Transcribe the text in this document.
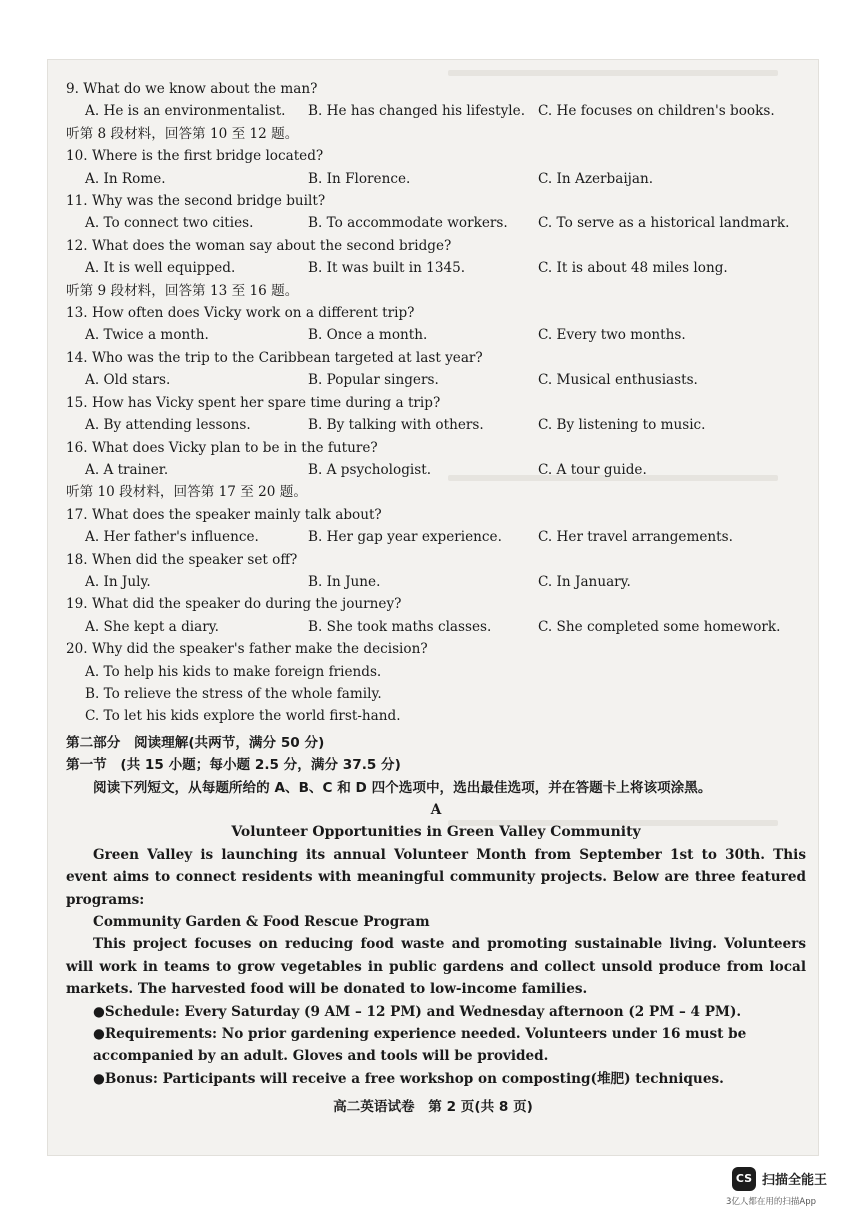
9. What do we know about the man?

A. He is an environmentalist.	B. He has changed his lifestyle. C. He focuses on children's books.

听第 8 段材料，回答第 10 至 12 题。

10. Where is the first bridge located?

A. In Rome.	B. In Florence.	C. In Azerbaijan.

11. Why was the second bridge built?

A. To connect two cities.	B. To accommodate workers.	C. To serve as a historical landmark.

12. What does the woman say about the second bridge?

A. It is well equipped.	B. It was built in 1345.	C. It is about 48 miles long.

听第 9 段材料，回答第 13 至 16 题。

13. How often does Vicky work on a different trip?

A. Twice a month.	B. Once a month.	C. Every two months.

14. Who was the trip to the Caribbean targeted at last year?

A. Old stars.	B. Popular singers.	C. Musical enthusiasts.

15. How has Vicky spent her spare time during a trip?

A. By attending lessons.	B. By talking with others.	C. By listening to music.

16. What does Vicky plan to be in the future?

A. A trainer.	B. A psychologist.	C. A tour guide.

听第 10 段材料，回答第 17 至 20 题。

17. What does the speaker mainly talk about?

A. Her father's influence.	B. Her gap year experience.	C. Her travel arrangements.

18. When did the speaker set off?

A. In July.	B. In June.	C. In January.

19. What did the speaker do during the journey?

A. She kept a diary.	B. She took maths classes.	C. She completed some homework.

20. Why did the speaker's father make the decision?

A. To help his kids to make foreign friends.

B. To relieve the stress of the whole family.

C. To let his kids explore the world first-hand.

第二部分　阅读理解(共两节，满分 50 分)
第一节　(共 15 小题；每小题 2.5 分，满分 37.5 分)
阅读下列短文，从每题所给的 A、B、C 和 D 四个选项中，选出最佳选项，并在答题卡上将该项涂黑。
A
Volunteer Opportunities in Green Valley Community

Green Valley is launching its annual Volunteer Month from September 1st to 30th. This event aims to connect residents with meaningful community projects. Below are three featured programs:

Community Garden & Food Rescue Program

This project focuses on reducing food waste and promoting sustainable living. Volunteers will work in teams to grow vegetables in public gardens and collect unsold produce from local markets. The harvested food will be donated to low-income families.

●Schedule: Every Saturday (9 AM – 12 PM) and Wednesday afternoon (2 PM – 4 PM).

●Requirements: No prior gardening experience needed. Volunteers under 16 must be accompanied by an adult. Gloves and tools will be provided.

●Bonus: Participants will receive a free workshop on composting(堆肥) techniques.

高二英语试卷　第 2 页(共 8 页)
CS 扫描全能王
3亿人都在用的扫描App
